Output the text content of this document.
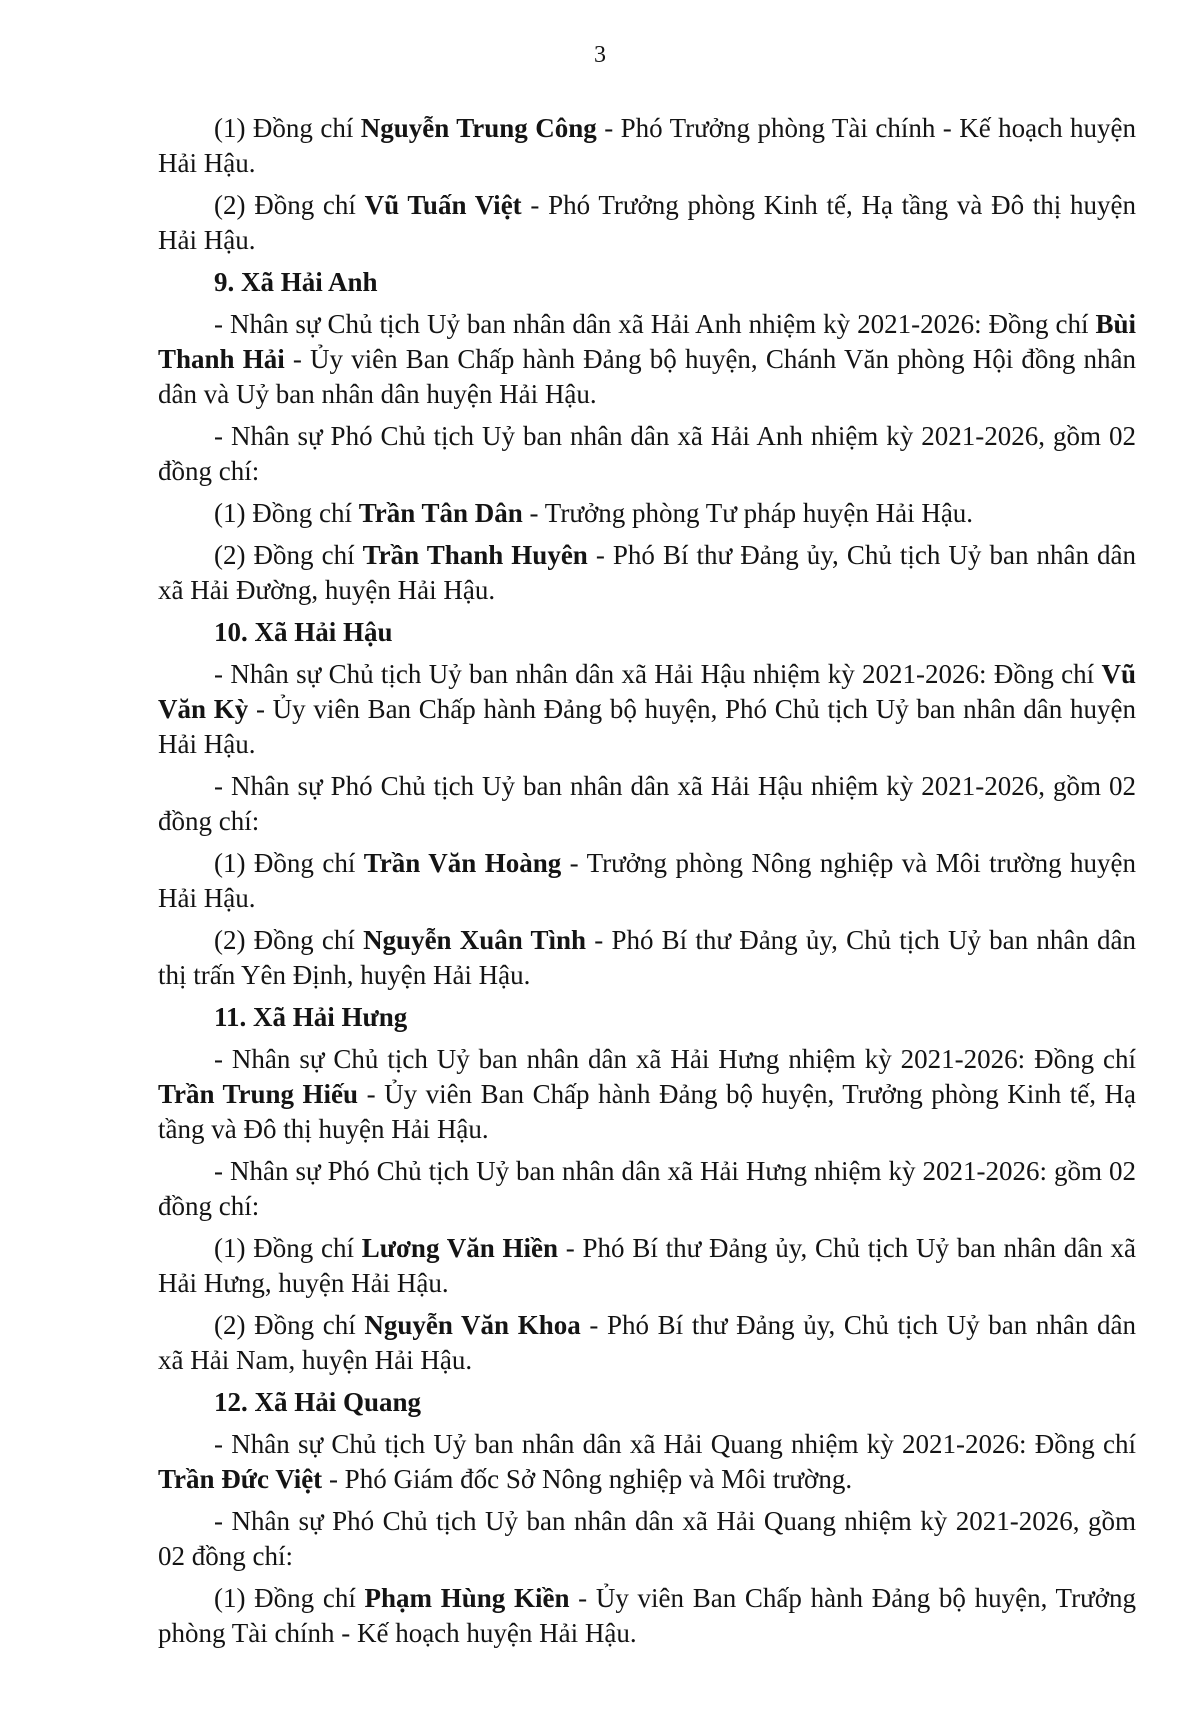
3

(1) Đồng chí Nguyễn Trung Công - Phó Trưởng phòng Tài chính - Kế hoạch huyện Hải Hậu.

(2) Đồng chí Vũ Tuấn Việt - Phó Trưởng phòng Kinh tế, Hạ tầng và Đô thị huyện Hải Hậu.

9. Xã Hải Anh

- Nhân sự Chủ tịch Uỷ ban nhân dân xã Hải Anh nhiệm kỳ 2021-2026: Đồng chí Bùi Thanh Hải - Ủy viên Ban Chấp hành Đảng bộ huyện, Chánh Văn phòng Hội đồng nhân dân và Uỷ ban nhân dân huyện Hải Hậu.

- Nhân sự Phó Chủ tịch Uỷ ban nhân dân xã Hải Anh nhiệm kỳ 2021-2026, gồm 02 đồng chí:

(1) Đồng chí Trần Tân Dân - Trưởng phòng Tư pháp huyện Hải Hậu.

(2) Đồng chí Trần Thanh Huyên - Phó Bí thư Đảng ủy, Chủ tịch Uỷ ban nhân dân xã Hải Đường, huyện Hải Hậu.

10. Xã Hải Hậu

- Nhân sự Chủ tịch Uỷ ban nhân dân xã Hải Hậu nhiệm kỳ 2021-2026: Đồng chí Vũ Văn Kỳ - Ủy viên Ban Chấp hành Đảng bộ huyện, Phó Chủ tịch Uỷ ban nhân dân huyện Hải Hậu.

- Nhân sự Phó Chủ tịch Uỷ ban nhân dân xã Hải Hậu nhiệm kỳ 2021-2026, gồm 02 đồng chí:

(1) Đồng chí Trần Văn Hoàng - Trưởng phòng Nông nghiệp và Môi trường huyện Hải Hậu.

(2) Đồng chí Nguyễn Xuân Tình - Phó Bí thư Đảng ủy, Chủ tịch Uỷ ban nhân dân thị trấn Yên Định, huyện Hải Hậu.

11. Xã Hải Hưng

- Nhân sự Chủ tịch Uỷ ban nhân dân xã Hải Hưng nhiệm kỳ 2021-2026: Đồng chí Trần Trung Hiếu - Ủy viên Ban Chấp hành Đảng bộ huyện, Trưởng phòng Kinh tế, Hạ tầng và Đô thị huyện Hải Hậu.

- Nhân sự Phó Chủ tịch Uỷ ban nhân dân xã Hải Hưng nhiệm kỳ 2021-2026: gồm 02 đồng chí:

(1) Đồng chí Lương Văn Hiền - Phó Bí thư Đảng ủy, Chủ tịch Uỷ ban nhân dân xã Hải Hưng, huyện Hải Hậu.

(2) Đồng chí Nguyễn Văn Khoa - Phó Bí thư Đảng ủy, Chủ tịch Uỷ ban nhân dân xã Hải Nam, huyện Hải Hậu.

12. Xã Hải Quang

- Nhân sự Chủ tịch Uỷ ban nhân dân xã Hải Quang nhiệm kỳ 2021-2026: Đồng chí Trần Đức Việt - Phó Giám đốc Sở Nông nghiệp và Môi trường.

- Nhân sự Phó Chủ tịch Uỷ ban nhân dân xã Hải Quang nhiệm kỳ 2021-2026, gồm 02 đồng chí:

(1) Đồng chí Phạm Hùng Kiền - Ủy viên Ban Chấp hành Đảng bộ huyện, Trưởng phòng Tài chính - Kế hoạch huyện Hải Hậu.
